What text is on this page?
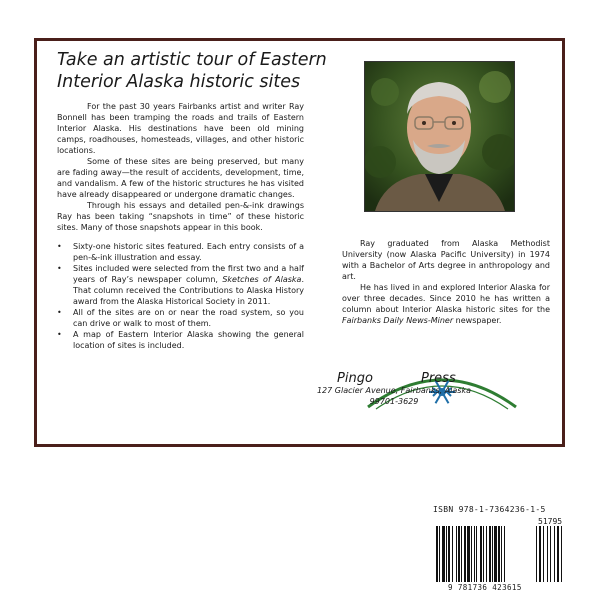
Take an artistic tour of Eastern Interior Alaska historic sites

For the past 30 years Fairbanks artist and writer Ray Bonnell has been tramping the roads and trails of Eastern Interior Alaska. His destinations have been old mining camps, roadhouses, homesteads, villages, and other historic locations.

Some of these sites are being preserved, but many are fading away—the result of accidents, development, time, and vandalism. A few of the historic structures he has visited have already disappeared or undergone dramatic changes.

Through his essays and detailed pen-&-ink drawings Ray has been taking “snapshots in time” of these historic sites. Many of those snapshots appear in this book.

• Sixty-one historic sites featured. Each entry consists of a pen-&-ink illustration and essay.
• Sites included were selected from the first two and a half years of Ray’s newspaper column, Sketches of Alaska. That column received the Contributions to Alaska History award from the Alaska Historical Society in 2011.
• All of the sites are on or near the road system, so you can drive or walk to most of them.
• A map of Eastern Interior Alaska showing the general location of sites is included.

Ray graduated from Alaska Methodist University (now Alaska Pacific University) in 1974 with a Bachelor of Arts degree in anthropology and art.

He has lived in and explored Interior Alaska for over three decades. Since 2010 he has written a column about Interior Alaska historic sites for the Fairbanks Daily News-Miner newspaper.

Pingo	Press
127 Glacier Avenue, Fairbanks, Alaska
99701-3629
ISBN 978-1-7364236-1-5
51795
9 781736 423615
